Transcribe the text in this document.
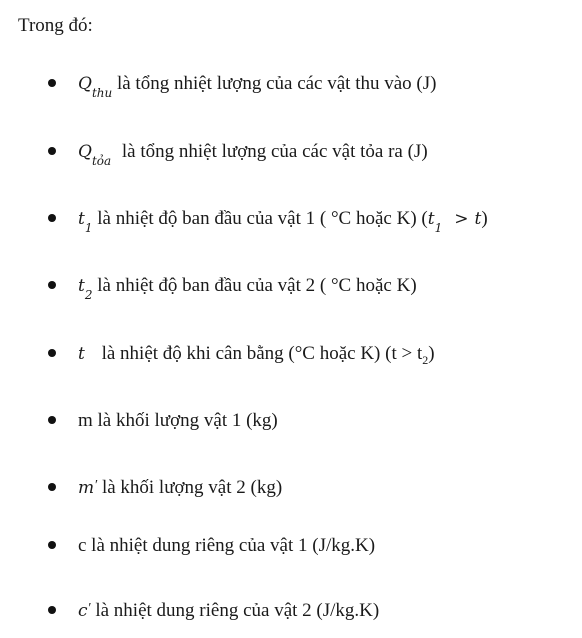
Trong đó:

$Q_{thu}$ là tổng nhiệt lượng của các vật thu vào (J)
$Q_{tỏa}$ là tổng nhiệt lượng của các vật tỏa ra (J)
$t_1$ là nhiệt độ ban đầu của vật 1 ( °C hoặc K) $(t_1 > t)$
$t_2$ là nhiệt độ ban đầu của vật 2 ( °C hoặc K)
t là nhiệt độ khi cân bằng (°C hoặc K) $(t > t_2)$
m là khối lượng vật 1 (kg)
m′ là khối lượng vật 2 (kg)
c là nhiệt dung riêng của vật 1 (J/kg.K)
c′ là nhiệt dung riêng của vật 2 (J/kg.K)
